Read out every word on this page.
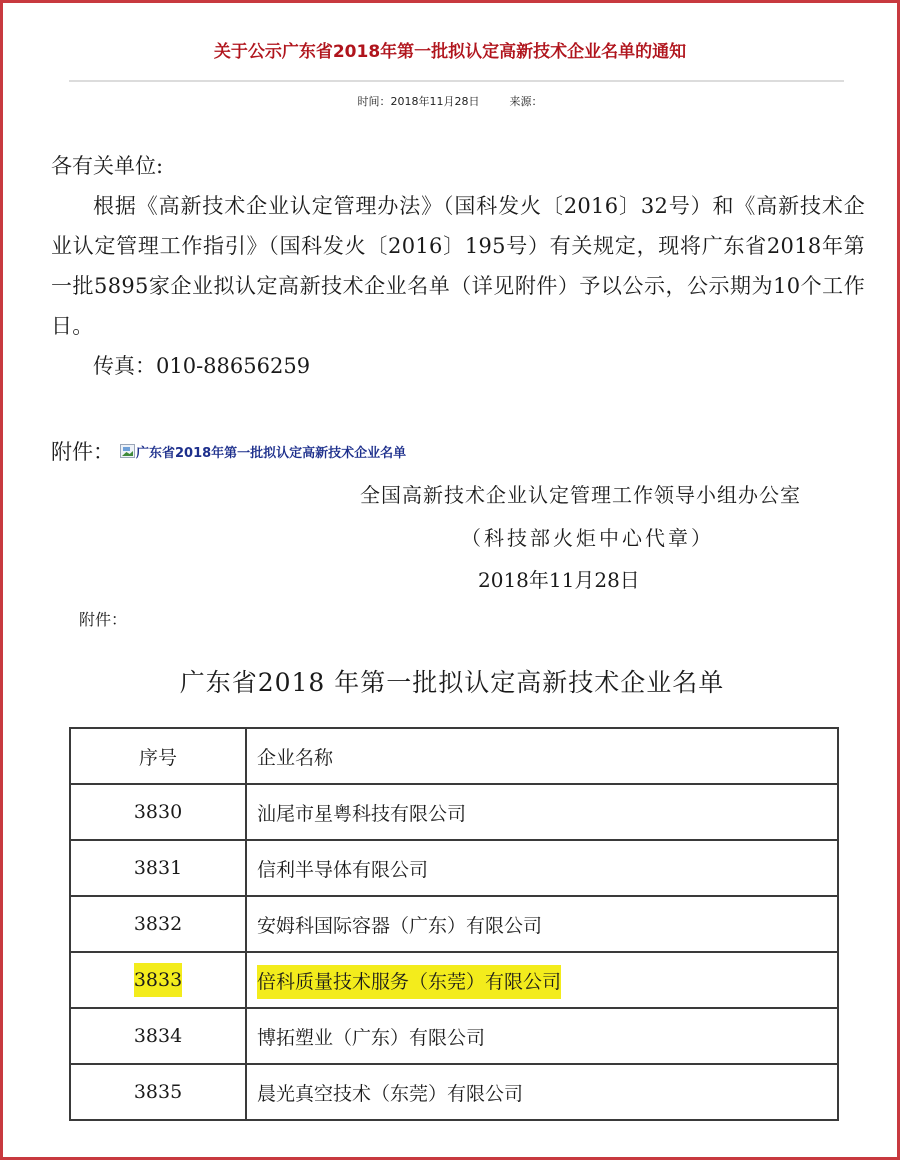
关于公示广东省2018年第一批拟认定高新技术企业名单的通知
时间：2018年11月28日	来源：

各有关单位:

根据《高新技术企业认定管理办法》（国科发火〔2016〕32号）和《高新技术企业认定管理工作指引》（国科发火〔2016〕195号）有关规定，现将广东省2018年第一批5895家企业拟认定高新技术企业名单（详见附件）予以公示，公示期为10个工作日。

传真：010-88656259

附件： 广东省2018年第一批拟认定高新技术企业名单
全国高新技术企业认定管理工作领导小组办公室
（科技部火炬中心代章）
2018年11月28日
附件：
广东省2018 年第一批拟认定高新技术企业名单
序号	企业名称
3830	汕尾市星粤科技有限公司
3831	信利半导体有限公司
3832	安姆科国际容器（广东）有限公司
3833	倍科质量技术服务（东莞）有限公司
3834	博拓塑业（广东）有限公司
3835	晨光真空技术（东莞）有限公司
